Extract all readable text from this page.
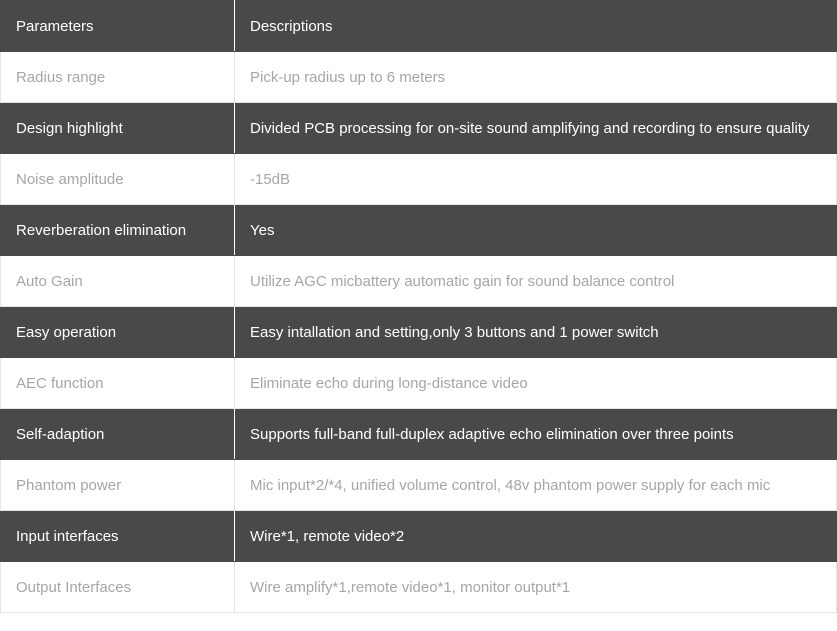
Parameters	Descriptions
Radius range	Pick-up radius up to 6 meters
Design highlight	Divided PCB processing for on-site sound amplifying and recording to ensure quality
Noise amplitude	-15dB
Reverberation elimination	Yes
Auto Gain	Utilize AGC micbattery automatic gain for sound balance control
Easy operation	Easy intallation and setting,only 3 buttons and 1 power switch
AEC function	Eliminate echo during long-distance video
Self-adaption	Supports full-band full-duplex adaptive echo elimination over three points
Phantom power	Mic input*2/*4, unified volume control, 48v phantom power supply for each mic
Input interfaces	Wire*1, remote video*2
Output Interfaces	Wire amplify*1,remote video*1, monitor output*1
